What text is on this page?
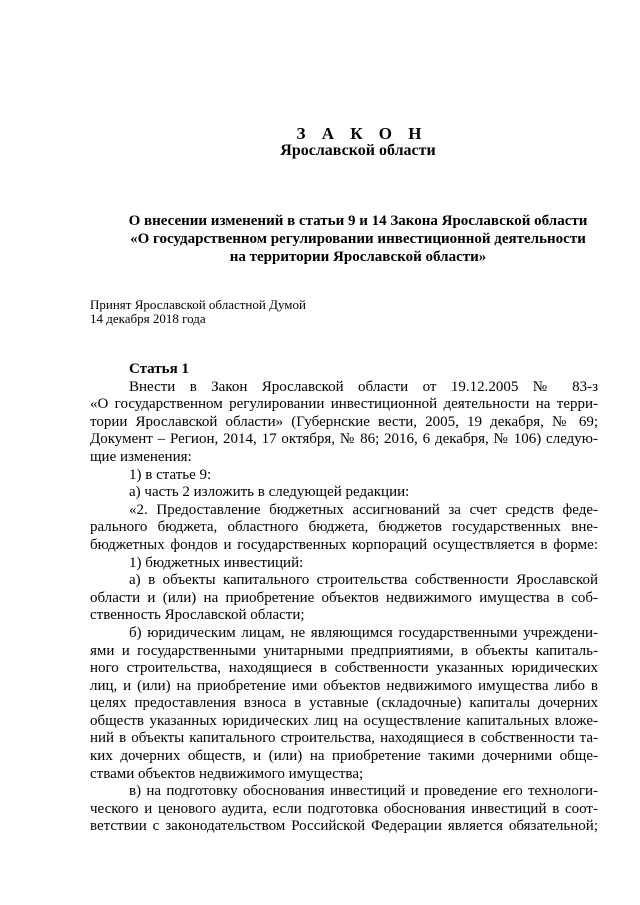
З А К О Н
Ярославской области
О внесении изменений в статьи 9 и 14 Закона Ярославской области
«О государственном регулировании инвестиционной деятельности
на территории Ярославской области»
Принят Ярославской областной Думой
14 декабря 2018 года
Статья 1
Внести в Закон Ярославской области от 19.12.2005 № 83-з
«О государственном регулировании инвестиционной деятельности на терри-
тории Ярославской области» (Губернские вести, 2005, 19 декабря, № 69;
Документ – Регион, 2014, 17 октября, № 86; 2016, 6 декабря, № 106) следую-
щие изменения:
1) в статье 9:
а) часть 2 изложить в следующей редакции:
«2. Предоставление бюджетных ассигнований за счет средств феде-
рального бюджета, областного бюджета, бюджетов государственных вне-
бюджетных фондов и государственных корпораций осуществляется в форме:
1) бюджетных инвестиций:
а) в объекты капитального строительства собственности Ярославской
области и (или) на приобретение объектов недвижимого имущества в соб-
ственность Ярославской области;
б) юридическим лицам, не являющимся государственными учреждени-
ями и государственными унитарными предприятиями, в объекты капиталь-
ного строительства, находящиеся в собственности указанных юридических
лиц, и (или) на приобретение ими объектов недвижимого имущества либо в
целях предоставления взноса в уставные (складочные) капиталы дочерних
обществ указанных юридических лиц на осуществление капитальных вложе-
ний в объекты капитального строительства, находящиеся в собственности та-
ких дочерних обществ, и (или) на приобретение такими дочерними обще-
ствами объектов недвижимого имущества;
в) на подготовку обоснования инвестиций и проведение его технологи-
ческого и ценового аудита, если подготовка обоснования инвестиций в соот-
ветствии с законодательством Российской Федерации является обязательной;
